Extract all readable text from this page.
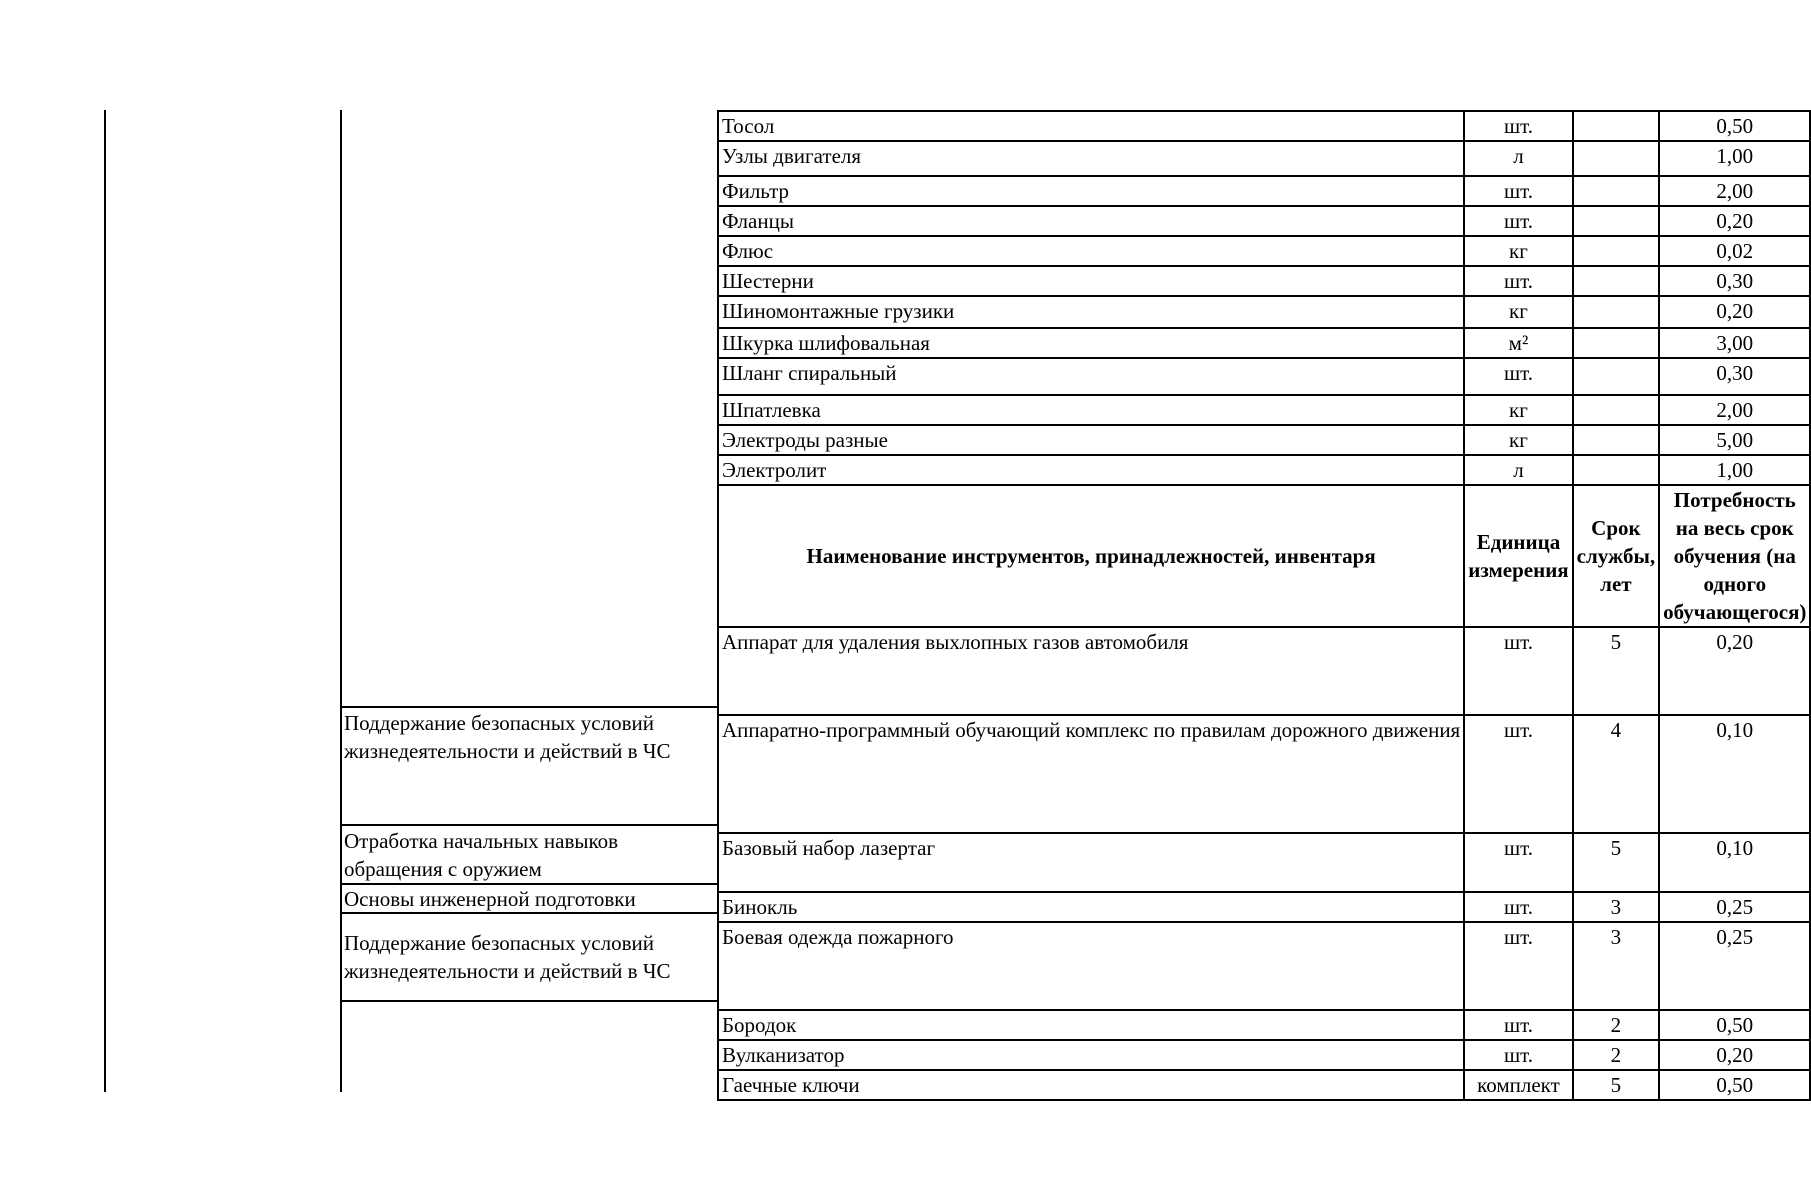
Поддержание безопасных условий жизнедеятельности и действий в ЧС
Отработка начальных навыков обращения с оружием
Основы инженерной подготовки
Поддержание безопасных условий жизнедеятельности и действий в ЧС
Тосол	шт.		0,50
Узлы двигателя	л		1,00
Фильтр	шт.		2,00
Фланцы	шт.		0,20
Флюс	кг		0,02
Шестерни	шт.		0,30
Шиномонтажные грузики	кг		0,20
Шкурка шлифовальная	м²		3,00
Шланг спиральный	шт.		0,30
Шпатлевка	кг		2,00
Электроды разные	кг		5,00
Электролит	л		1,00
Наименование инструментов, принадлежностей, инвентаря	Единица измерения	Срок службы, лет	Потребность на весь срок обучения (на одного обучающегося)
Аппарат для удаления выхлопных газов автомобиля	шт.	5	0,20
Аппаратно-программный обучающий комплекс по правилам дорожного движения	шт.	4	0,10
Базовый набор лазертаг	шт.	5	0,10
Бинокль	шт.	3	0,25
Боевая одежда пожарного	шт.	3	0,25
Бородок	шт.	2	0,50
Вулканизатор	шт.	2	0,20
Гаечные ключи	комплект	5	0,50
